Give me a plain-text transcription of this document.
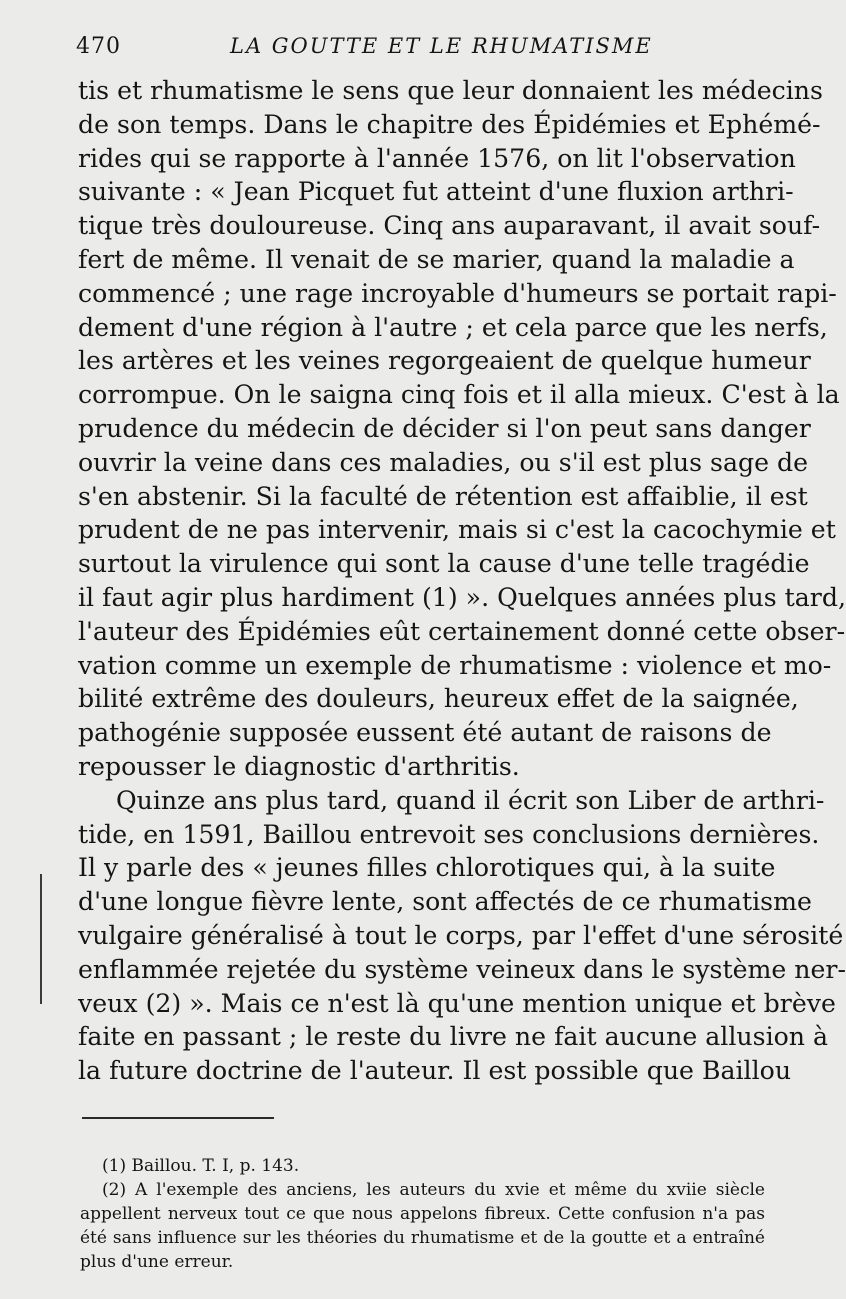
470	LA GOUTTE ET LE RHUMATISME
tis et rhumatisme le sens que leur donnaient les médecins
de son temps. Dans le chapitre des Épidémies et Ephémé-
rides qui se rapporte à l'année 1576, on lit l'observation
suivante : « Jean Picquet fut atteint d'une fluxion arthri-
tique très douloureuse. Cinq ans auparavant, il avait souf-
fert de même. Il venait de se marier, quand la maladie a
commencé ; une rage incroyable d'humeurs se portait rapi-
dement d'une région à l'autre ; et cela parce que les nerfs,
les artères et les veines regorgeaient de quelque humeur
corrompue. On le saigna cinq fois et il alla mieux. C'est à la
prudence du médecin de décider si l'on peut sans danger
ouvrir la veine dans ces maladies, ou s'il est plus sage de
s'en abstenir. Si la faculté de rétention est affaiblie, il est
prudent de ne pas intervenir, mais si c'est la cacochymie et
surtout la virulence qui sont la cause d'une telle tragédie
il faut agir plus hardiment (1) ». Quelques années plus tard,
l'auteur des Épidémies eût certainement donné cette obser-
vation comme un exemple de rhumatisme : violence et mo-
bilité extrême des douleurs, heureux effet de la saignée,
pathogénie supposée eussent été autant de raisons de
repousser le diagnostic d'arthritis.
Quinze ans plus tard, quand il écrit son Liber de arthri-
tide, en 1591, Baillou entrevoit ses conclusions dernières.
Il y parle des « jeunes filles chlorotiques qui, à la suite
d'une longue fièvre lente, sont affectés de ce rhumatisme
vulgaire généralisé à tout le corps, par l'effet d'une sérosité
enflammée rejetée du système veineux dans le système ner-
veux (2) ». Mais ce n'est là qu'une mention unique et brève
faite en passant ; le reste du livre ne fait aucune allusion à
la future doctrine de l'auteur. Il est possible que Baillou
(1) Baillou. T. I, p. 143.
(2) A l'exemple des anciens, les auteurs du xvie et même du xviie siècle
appellent nerveux tout ce que nous appelons fibreux. Cette confusion n'a pas
été sans influence sur les théories du rhumatisme et de la goutte et a entraîné
plus d'une erreur.
